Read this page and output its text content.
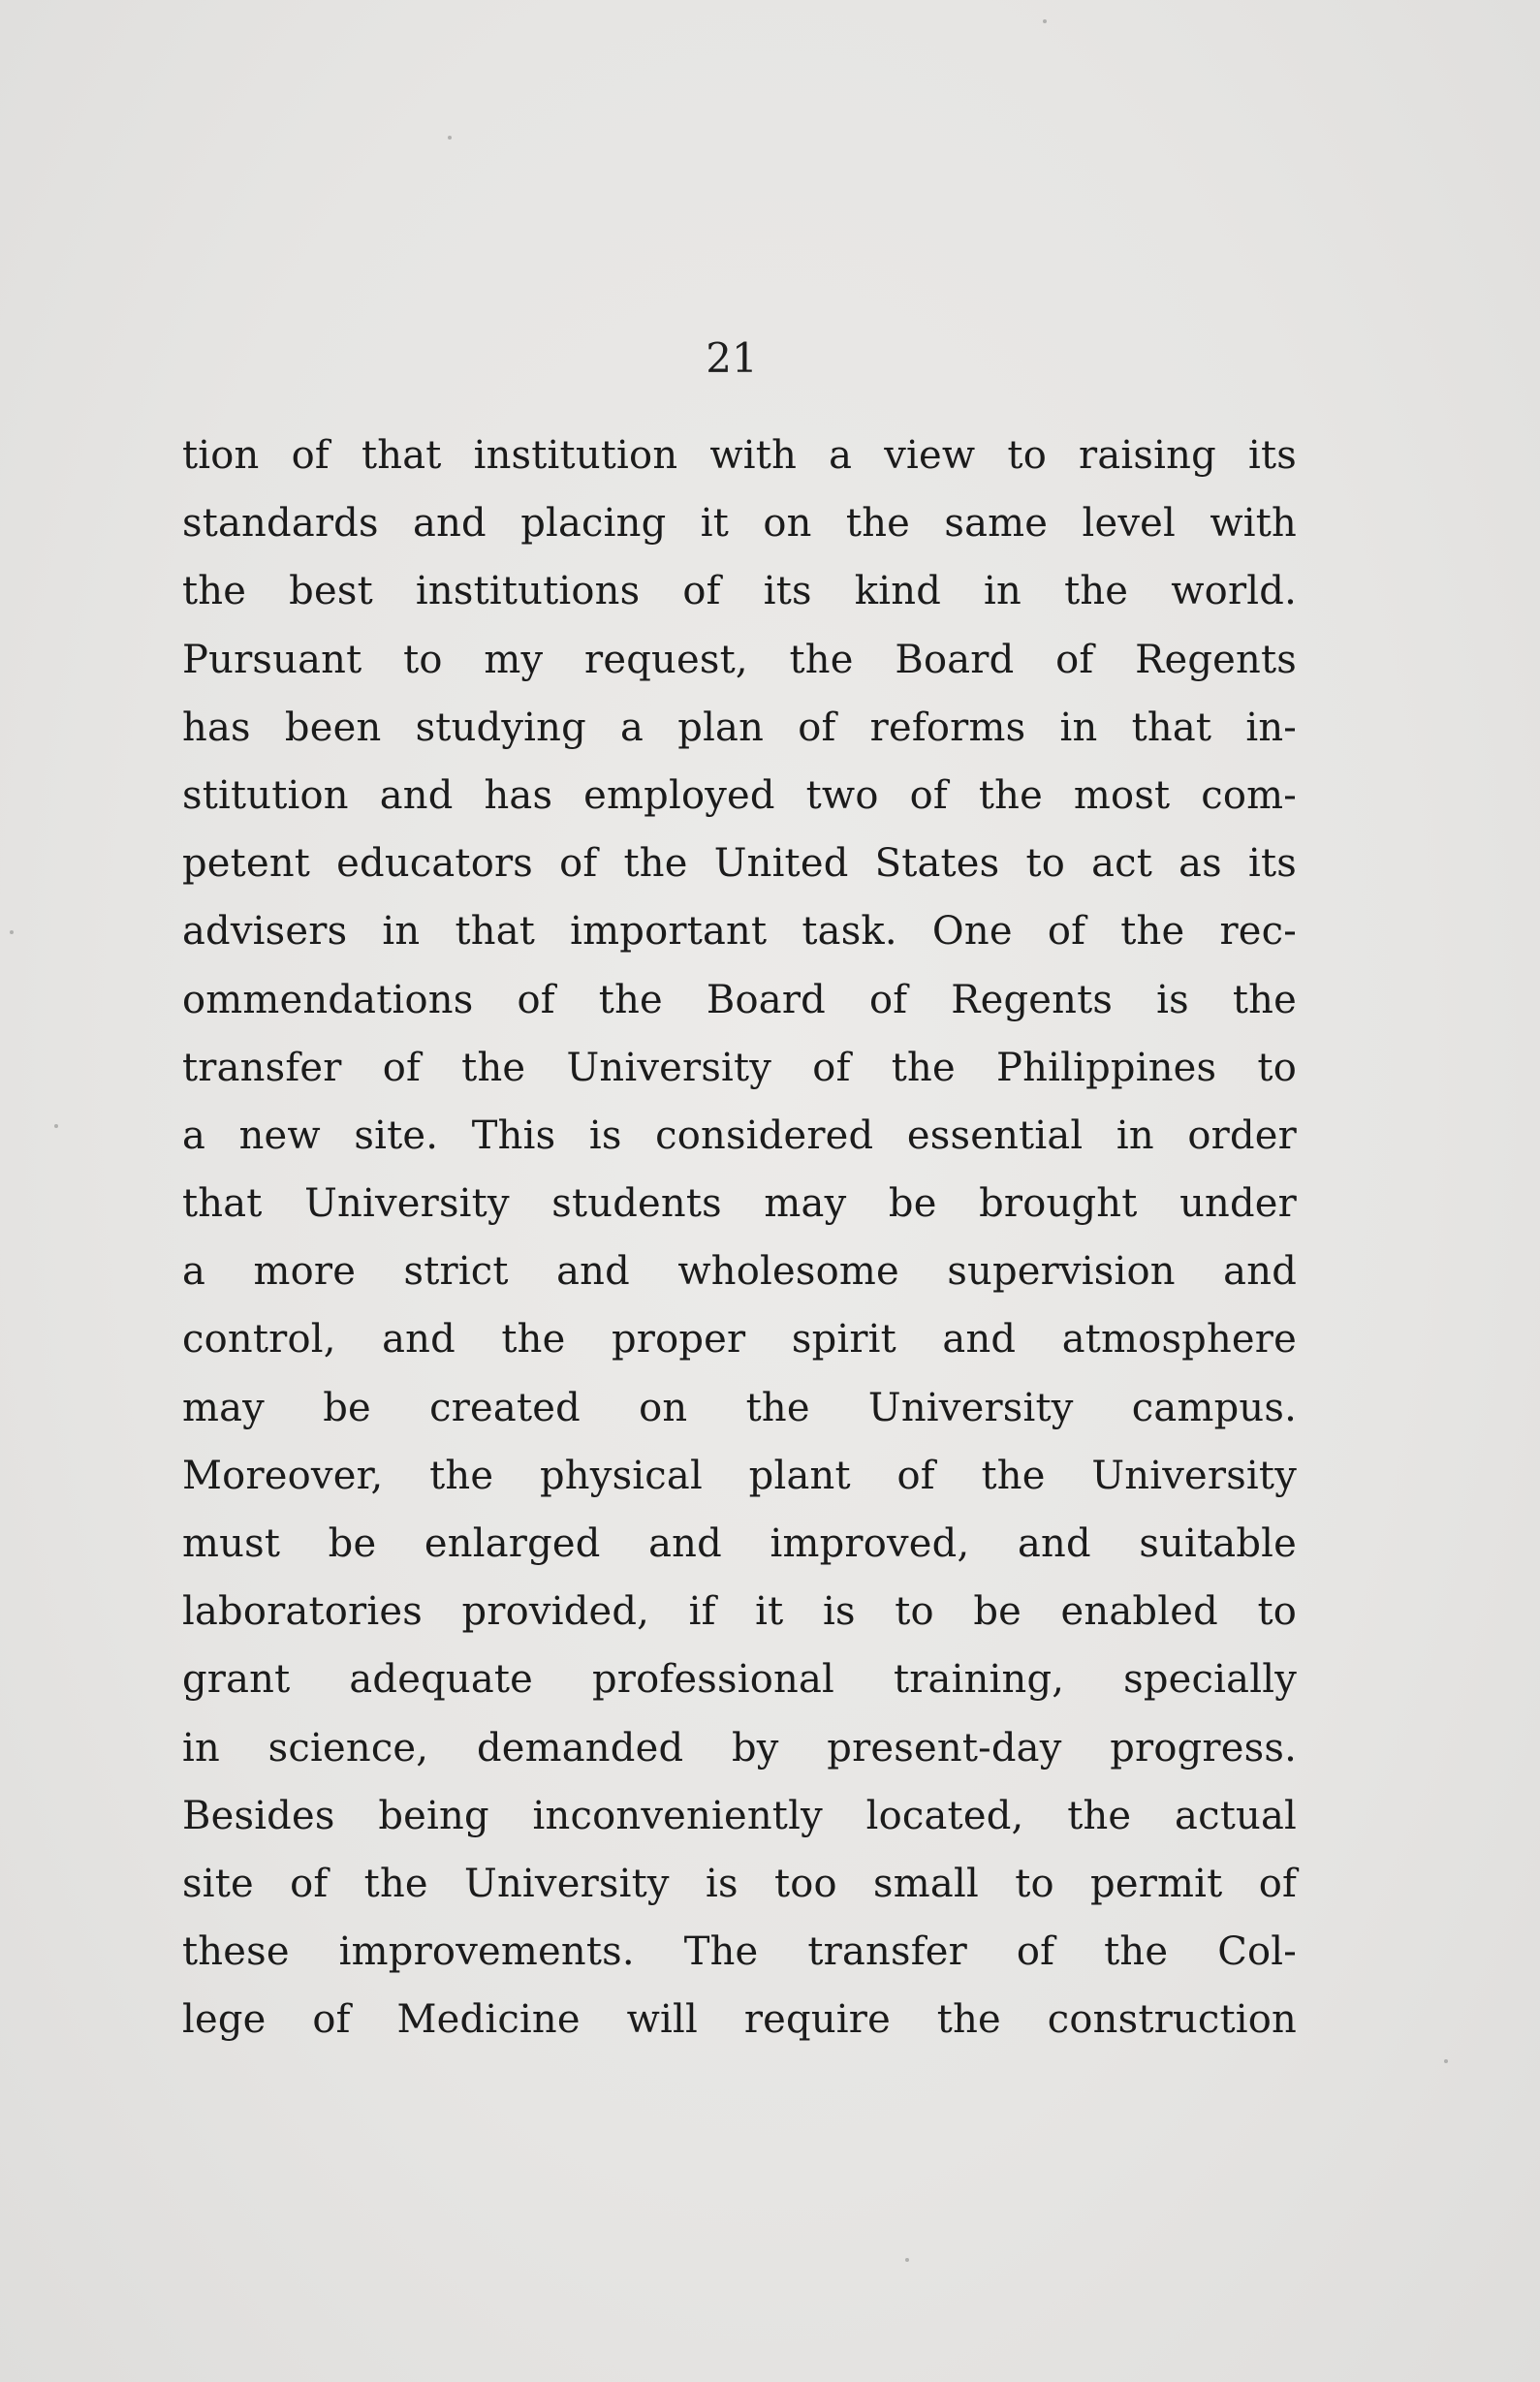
21
tion of that institution with a view to raising its
standards and placing it on the same level with
the best institutions of its kind in the world.
Pursuant to my request, the Board of Regents
has been studying a plan of reforms in that in-
stitution and has employed two of the most com-
petent educators of the United States to act as its
advisers in that important task. One of the rec-
ommendations of the Board of Regents is the
transfer of the University of the Philippines to
a new site. This is considered essential in order
that University students may be brought under
a more strict and wholesome supervision and
control, and the proper spirit and atmosphere
may be created on the University campus.
Moreover, the physical plant of the University
must be enlarged and improved, and suitable
laboratories provided, if it is to be enabled to
grant adequate professional training, specially
in science, demanded by present-day progress.
Besides being inconveniently located, the actual
site of the University is too small to permit of
these improvements. The transfer of the Col-
lege of Medicine will require the construction
